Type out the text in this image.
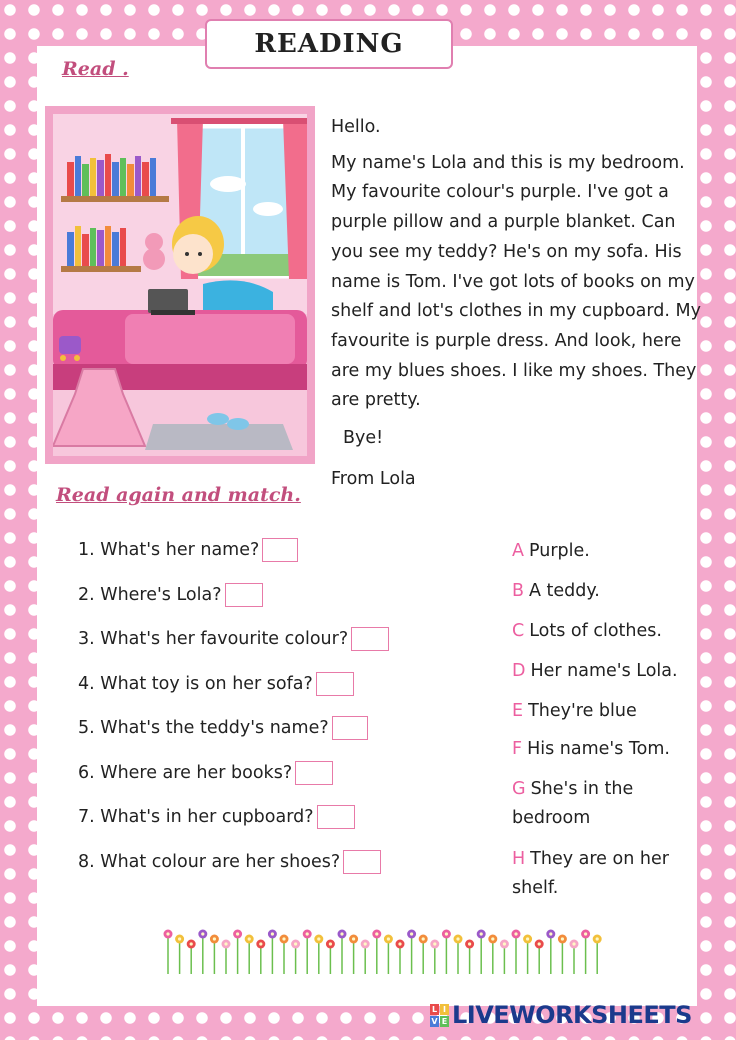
READING
Read .

Hello.

My name's Lola and this is my bedroom. My favourite colour's purple. I've got a purple pillow and a purple blanket. Can you see my teddy? He's on my sofa. His name is Tom. I've got lots of books on my shelf and lot's clothes in my cupboard. My favourite is purple dress. And look, here are my blues shoes. I like my shoes. They are pretty.

Bye!
From Lola
Read again and match.
1. What's her name?
2. Where's Lola?
3. What's her favourite colour?
4. What toy is on her sofa?
5. What's the teddy's name?
6. Where are her books?
7. What's in her cupboard?
8. What colour are her shoes?
A Purple.
B A teddy.
C Lots of clothes.
D Her name's Lola.
E They're blue
F His name's Tom.
G She's in the bedroom
H They are on her shelf.
L I
V E LIVEWORKSHEETS
